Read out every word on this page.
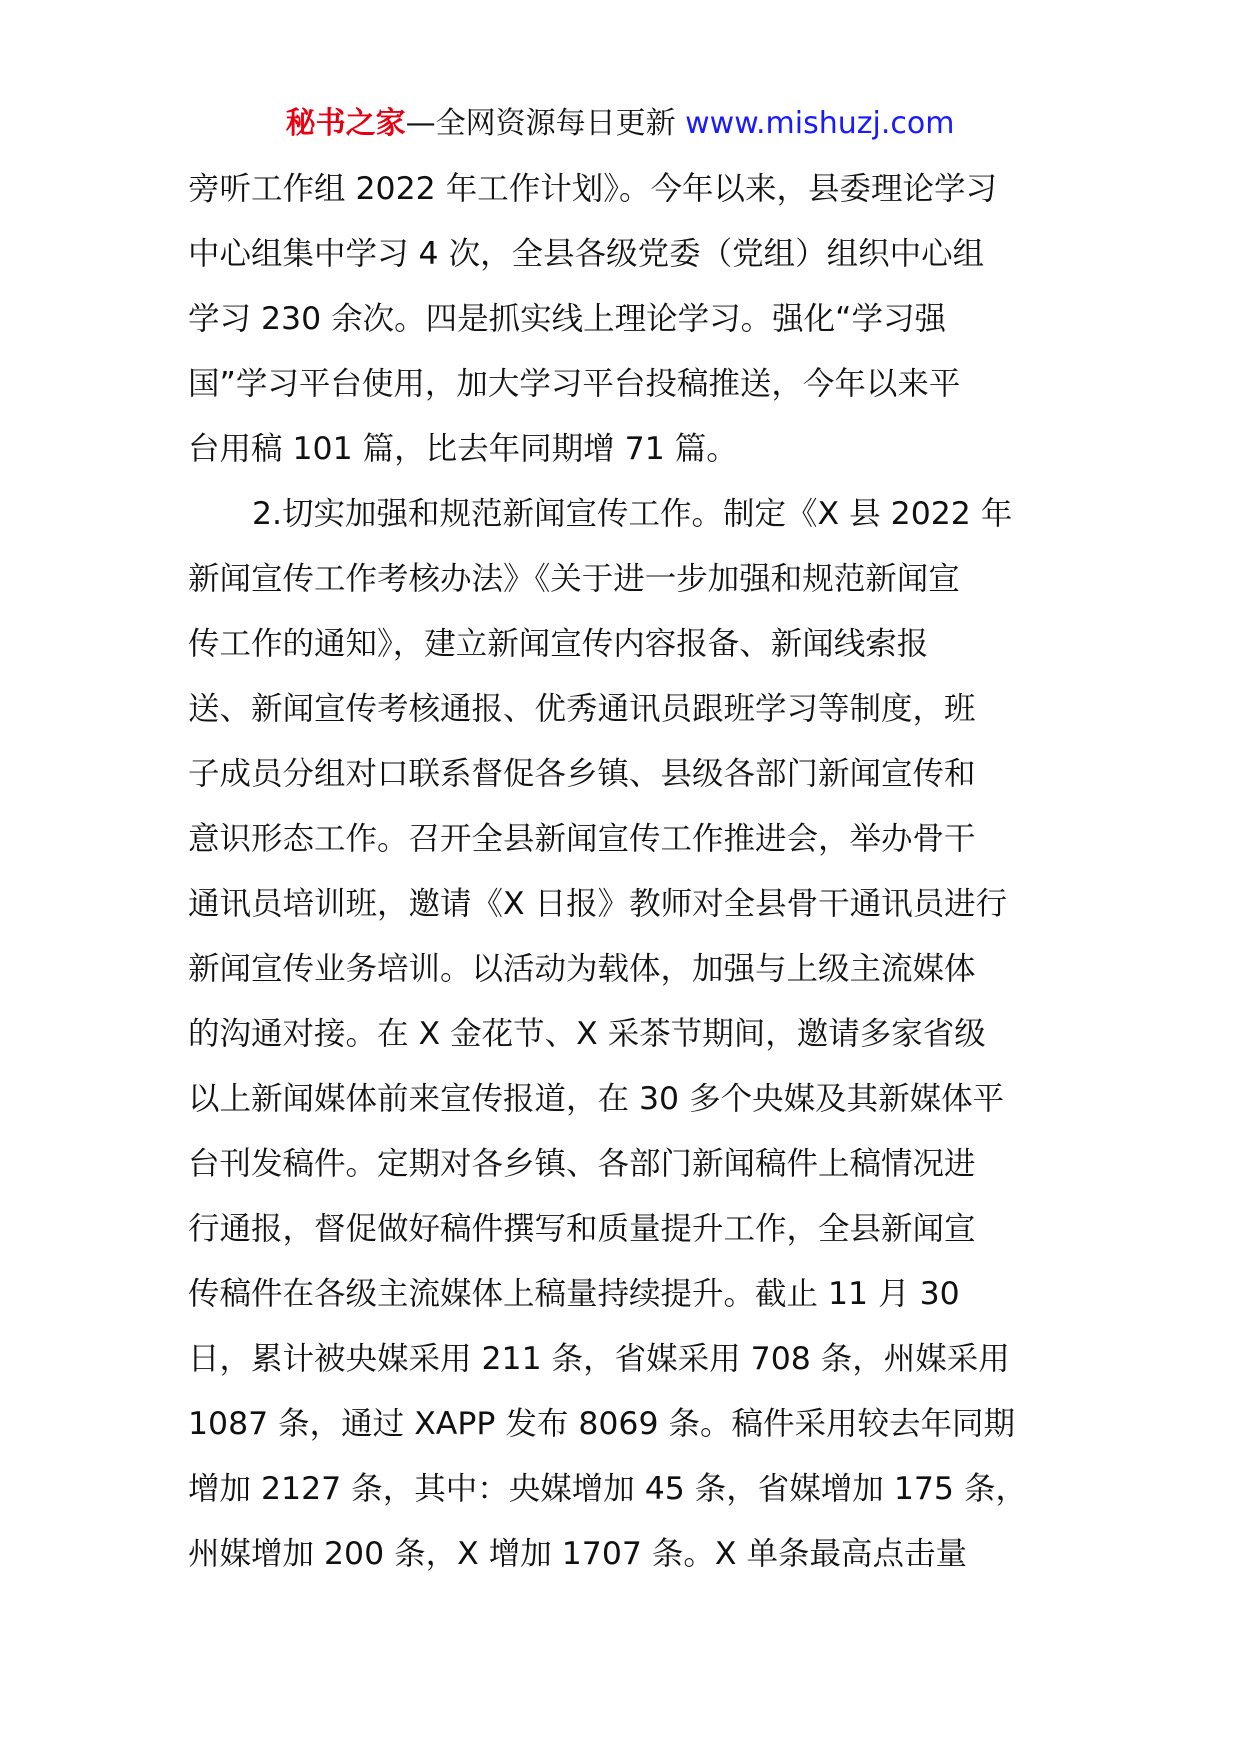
秘书之家—全网资源每日更新 www.mishuzj.com
旁听工作组 2022 年工作计划》。今年以来，县委理论学习
中心组集中学习 4 次，全县各级党委（党组）组织中心组
学习 230 余次。四是抓实线上理论学习。强化“学习强
国”学习平台使用，加大学习平台投稿推送，今年以来平
台用稿 101 篇，比去年同期增 71 篇。
2.切实加强和规范新闻宣传工作。制定《X 县 2022 年
新闻宣传工作考核办法》《关于进一步加强和规范新闻宣
传工作的通知》，建立新闻宣传内容报备、新闻线索报
送、新闻宣传考核通报、优秀通讯员跟班学习等制度，班
子成员分组对口联系督促各乡镇、县级各部门新闻宣传和
意识形态工作。召开全县新闻宣传工作推进会，举办骨干
通讯员培训班，邀请《X 日报》教师对全县骨干通讯员进行
新闻宣传业务培训。以活动为载体，加强与上级主流媒体
的沟通对接。在 X 金花节、X 采茶节期间，邀请多家省级
以上新闻媒体前来宣传报道，在 30 多个央媒及其新媒体平
台刊发稿件。定期对各乡镇、各部门新闻稿件上稿情况进
行通报，督促做好稿件撰写和质量提升工作，全县新闻宣
传稿件在各级主流媒体上稿量持续提升。截止 11 月 30
日，累计被央媒采用 211 条，省媒采用 708 条，州媒采用
1087 条，通过 XAPP 发布 8069 条。稿件采用较去年同期
增加 2127 条，其中：央媒增加 45 条，省媒增加 175 条，
州媒增加 200 条，X 增加 1707 条。X 单条最高点击量
